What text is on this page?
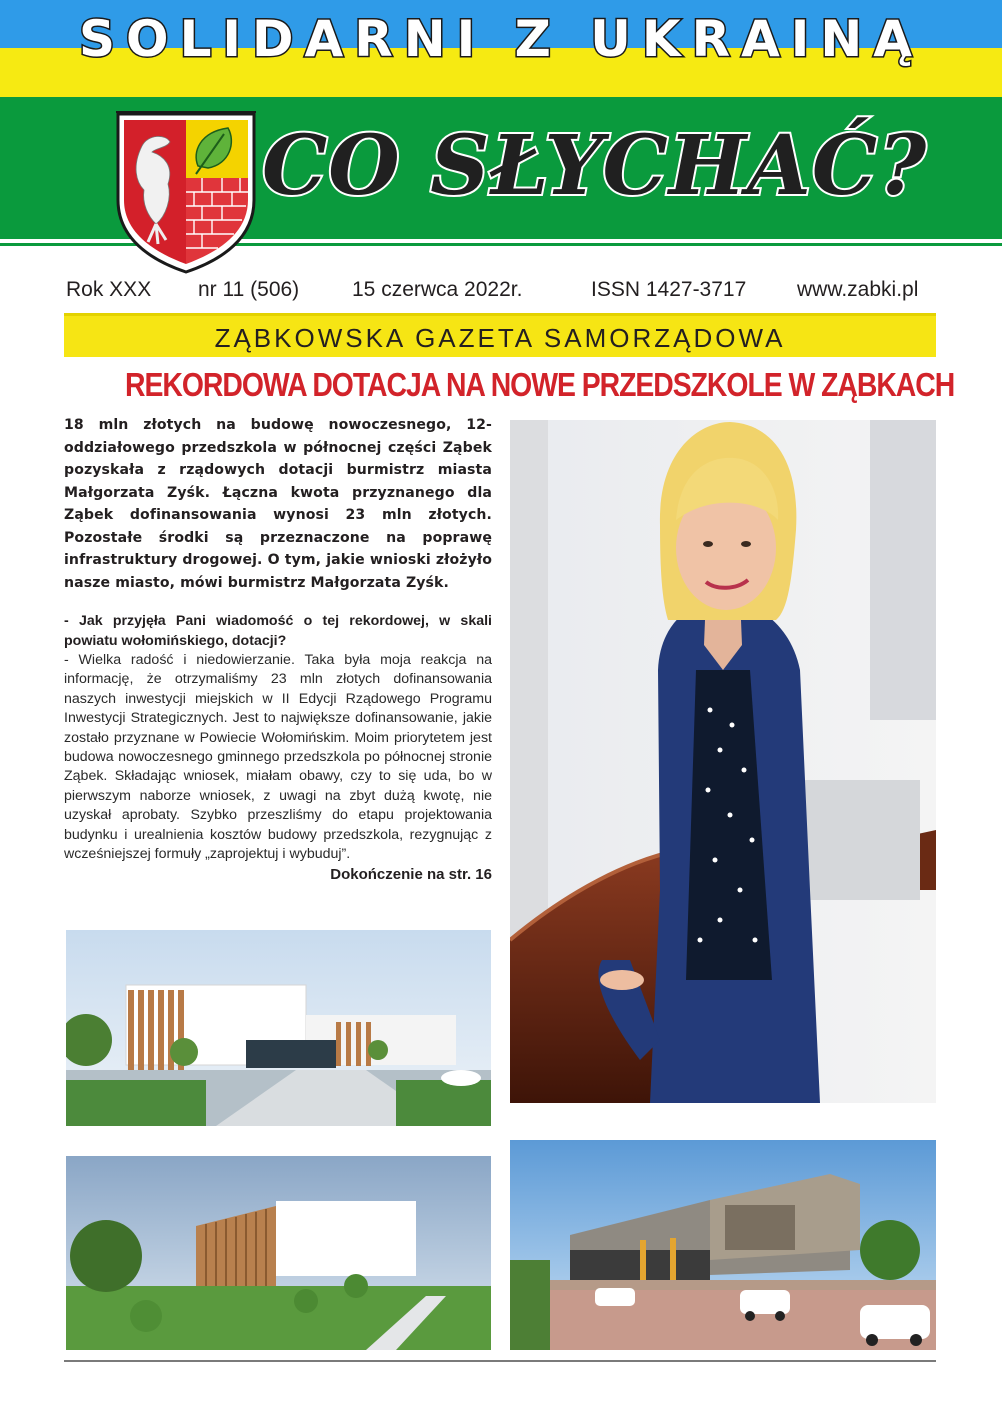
SOLIDARNI Z UKRAINĄ
CO SŁYCHAĆ?
Rok XXX nr 11 (506)	15 czerwca 2022r.	ISSN 1427-3717 www.zabki.pl
ZĄBKOWSKA GAZETA SAMORZĄDOWA
REKORDOWA DOTACJA NA NOWE PRZEDSZKOLE W ZĄBKACH

18 mln złotych na budowę nowoczesnego, 12-oddziałowego przedszkola w północnej części Ząbek pozyskała z rządowych dotacji burmistrz miasta Małgorzata Zyśk. Łączna kwota przyznanego dla Ząbek dofinansowania wynosi 23 mln złotych. Pozostałe środki są przeznaczone na poprawę infrastruktury drogowej. O tym, jakie wnioski złożyło nasze miasto, mówi burmistrz Małgorzata Zyśk.

- Jak przyjęła Pani wiadomość o tej rekordowej, w skali powiatu wołomińskiego, dotacji?

- Wielka radość i niedowierzanie. Taka była moja reakcja na informację, że otrzymaliśmy 23 mln złotych dofinansowania naszych inwestycji miejskich w II Edycji Rządowego Programu Inwestycji Strategicznych. Jest to największe dofinansowanie, jakie zostało przyznane w Powiecie Wołomińskim. Moim priorytetem jest budowa nowoczesnego gminnego przedszkola po północnej stronie Ząbek. Składając wniosek, miałam obawy, czy to się uda, bo w pierwszym naborze wniosek, z uwagi na zbyt dużą kwotę, nie uzyskał aprobaty. Szybko przeszliśmy do etapu projektowania budynku i urealnienia kosztów budowy przedszkola, rezygnując z wcześniejszej formuły „zaprojektuj i wybuduj”.

Dokończenie na str. 16
